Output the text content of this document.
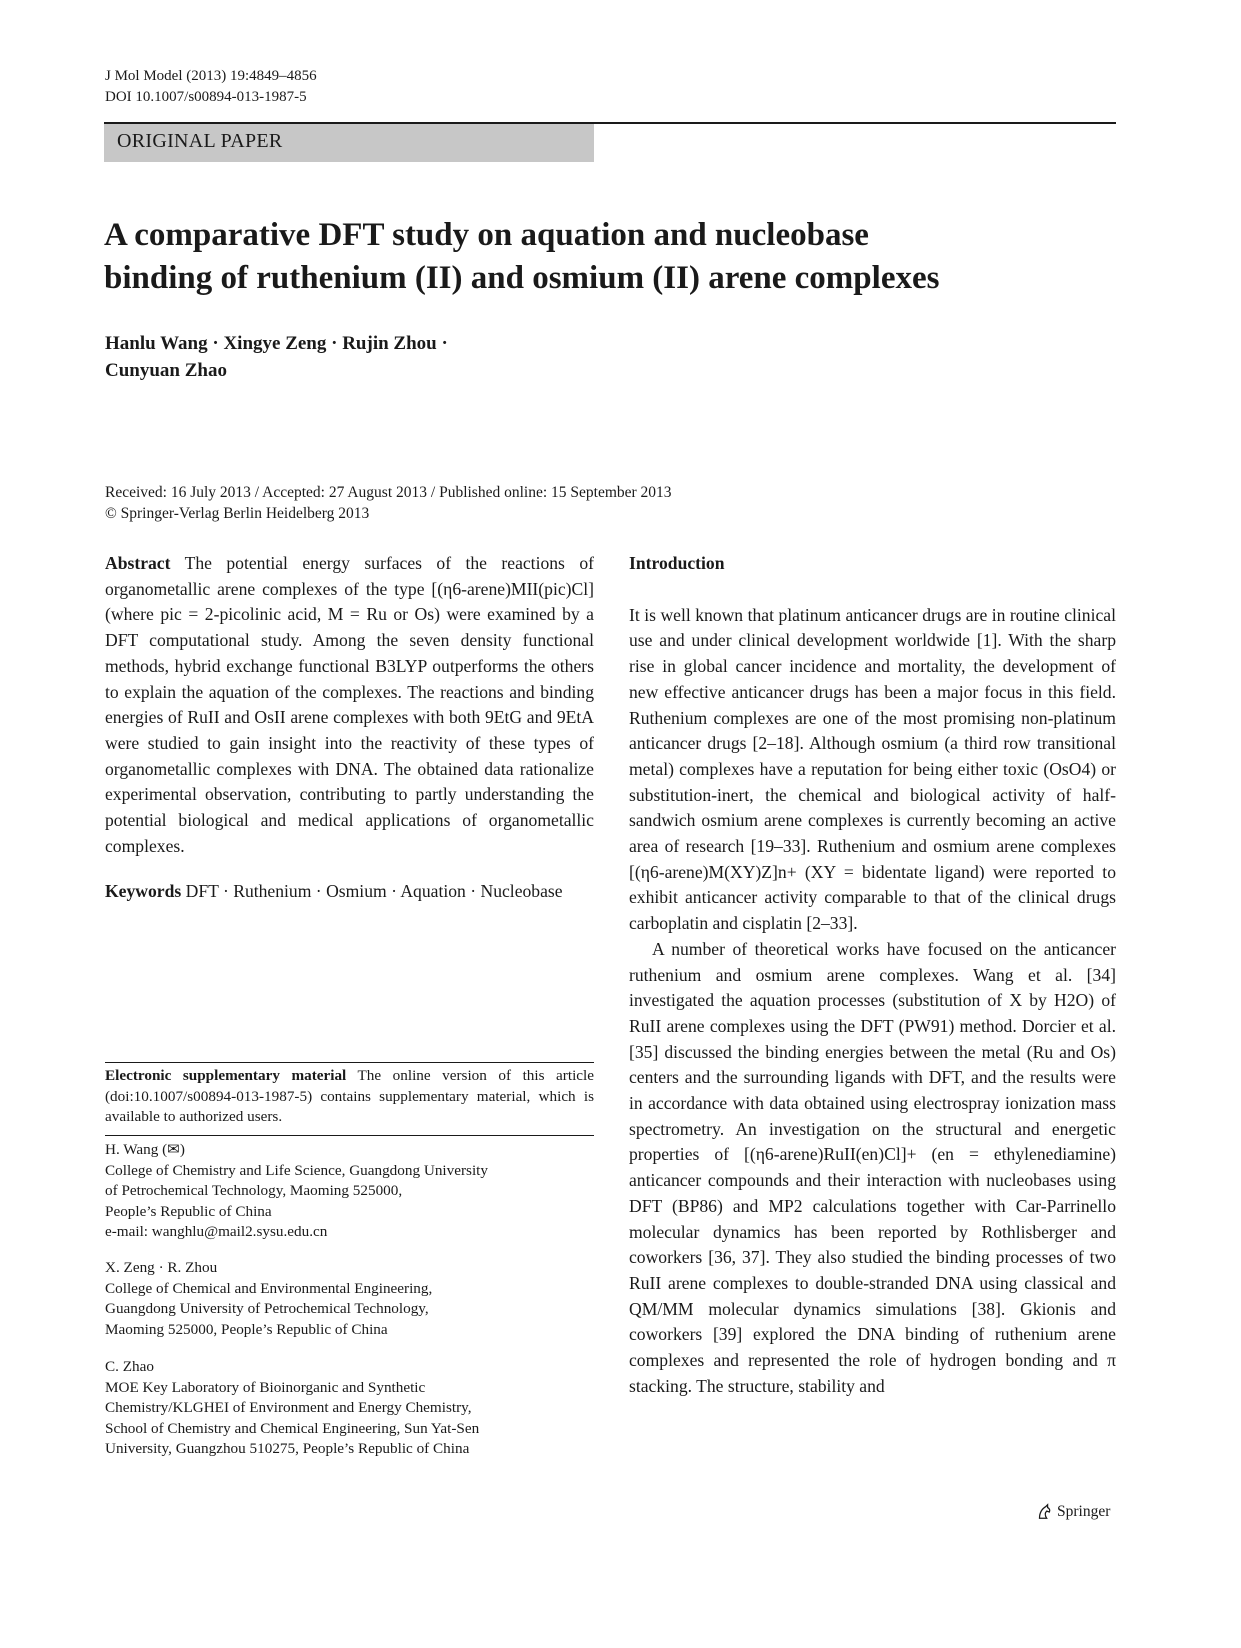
J Mol Model (2013) 19:4849–4856
DOI 10.1007/s00894-013-1987-5
ORIGINAL PAPER
A comparative DFT study on aquation and nucleobase
binding of ruthenium (II) and osmium (II) arene complexes
Hanlu Wang · Xingye Zeng · Rujin Zhou ·
Cunyuan Zhao
Received: 16 July 2013 / Accepted: 27 August 2013 / Published online: 15 September 2013
© Springer-Verlag Berlin Heidelberg 2013

Abstract The potential energy surfaces of the reactions of organometallic arene complexes of the type [(η6-arene)MII(pic)Cl] (where pic = 2-picolinic acid, M = Ru or Os) were examined by a DFT computational study. Among the seven density functional methods, hybrid exchange functional B3LYP outperforms the others to explain the aquation of the complexes. The reactions and binding energies of RuII and OsII arene complexes with both 9EtG and 9EtA were studied to gain insight into the reactivity of these types of organometallic complexes with DNA. The obtained data rationalize experimental observation, contributing to partly understanding the potential biological and medical applications of organometallic complexes.

Keywords DFT · Ruthenium · Osmium · Aquation · Nucleobase

Electronic supplementary material The online version of this article (doi:10.1007/s00894-013-1987-5) contains supplementary material, which is available to authorized users.

H. Wang (✉)
College of Chemistry and Life Science, Guangdong University
of Petrochemical Technology, Maoming 525000,
People’s Republic of China
e-mail: wanghlu@mail2.sysu.edu.cn
X. Zeng · R. Zhou
College of Chemical and Environmental Engineering,
Guangdong University of Petrochemical Technology,
Maoming 525000, People’s Republic of China
C. Zhao
MOE Key Laboratory of Bioinorganic and Synthetic
Chemistry/KLGHEI of Environment and Energy Chemistry,
School of Chemistry and Chemical Engineering, Sun Yat-Sen
University, Guangzhou 510275, People’s Republic of China
Introduction

It is well known that platinum anticancer drugs are in routine clinical use and under clinical development worldwide [1]. With the sharp rise in global cancer incidence and mortality, the development of new effective anticancer drugs has been a major focus in this field. Ruthenium complexes are one of the most promising non-platinum anticancer drugs [2–18]. Although osmium (a third row transitional metal) complexes have a reputation for being either toxic (OsO4) or substitution-inert, the chemical and biological activity of half-sandwich osmium arene complexes is currently becoming an active area of research [19–33]. Ruthenium and osmium arene complexes [(η6-arene)M(XY)Z]n+ (XY = bidentate ligand) were reported to exhibit anticancer activity comparable to that of the clinical drugs carboplatin and cisplatin [2–33].

A number of theoretical works have focused on the anticancer ruthenium and osmium arene complexes. Wang et al. [34] investigated the aquation processes (substitution of X by H2O) of RuII arene complexes using the DFT (PW91) method. Dorcier et al. [35] discussed the binding energies between the metal (Ru and Os) centers and the surrounding ligands with DFT, and the results were in accordance with data obtained using electrospray ionization mass spectrometry. An investigation on the structural and energetic properties of [(η6-arene)RuII(en)Cl]+ (en = ethylenediamine) anticancer compounds and their interaction with nucleobases using DFT (BP86) and MP2 calculations together with Car-Parrinello molecular dynamics has been reported by Rothlisberger and coworkers [36, 37]. They also studied the binding processes of two RuII arene complexes to double-stranded DNA using classical and QM/MM molecular dynamics simulations [38]. Gkionis and coworkers [39] explored the DNA binding of ruthenium arene complexes and represented the role of hydrogen bonding and π stacking. The structure, stability and

Springer
